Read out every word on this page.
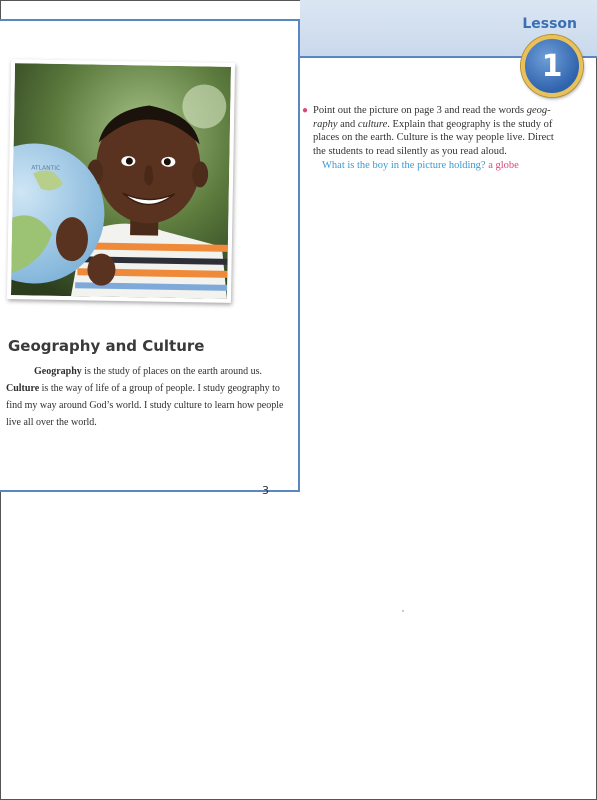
Lesson
1
ATLANTIC
Geography and Culture

Geography is the study of places on the earth around us. Culture is the way of life of a group of people. I study geography to find my way around God’s world. I study culture to learn how people live all over the world.

3

● Point out the picture on page 3 and read the words geog-
raphy and culture. Explain that geography is the study of
places on the earth. Culture is the way people live. Direct
the students to read silently as you read aloud.

What is the boy in the picture holding? a globe
